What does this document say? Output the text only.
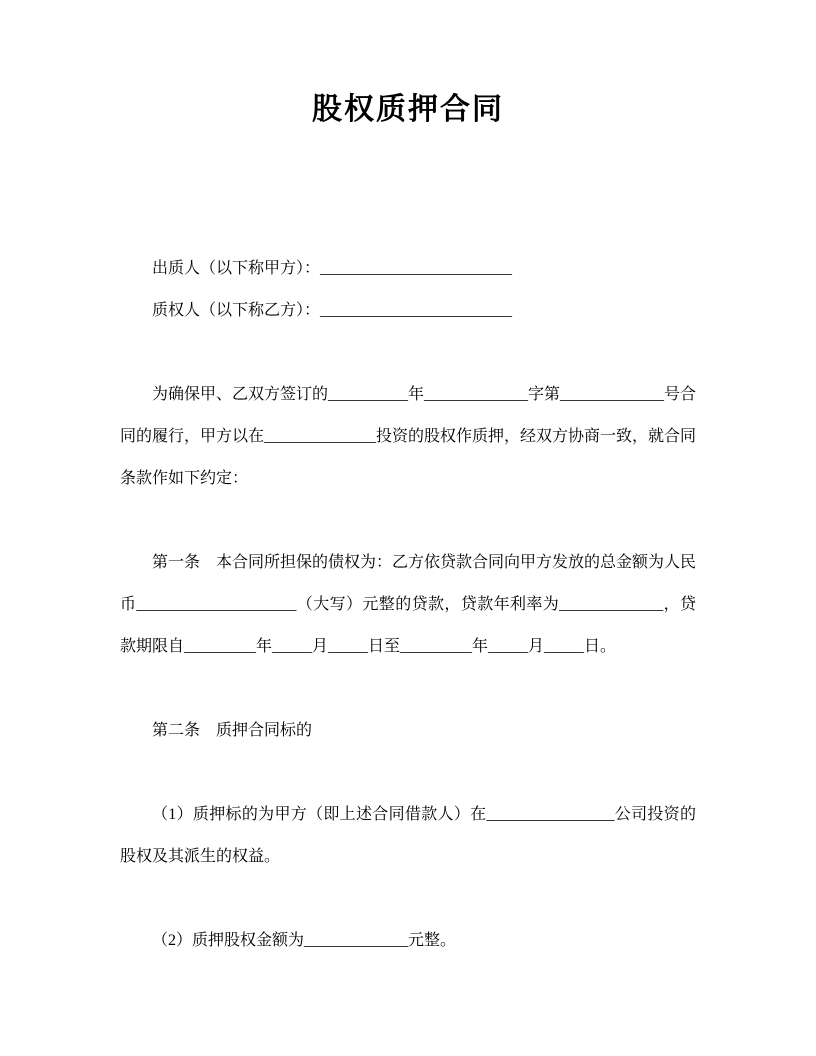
股权质押合同
出质人（以下称甲方）：________________________
质权人（以下称乙方）：________________________

为确保甲、乙双方签订的__________年_____________字第_____________号合同的履行，甲方以在______________投资的股权作质押，经双方协商一致，就合同条款作如下约定：

第一条　本合同所担保的债权为：乙方依贷款合同向甲方发放的总金额为人民币____________________（大写）元整的贷款，贷款年利率为_____________，贷款期限自_________年_____月_____日至_________年_____月_____日。

第二条　质押合同标的

（1）质押标的为甲方（即上述合同借款人）在________________公司投资的股权及其派生的权益。

（2）质押股权金额为_____________元整。
